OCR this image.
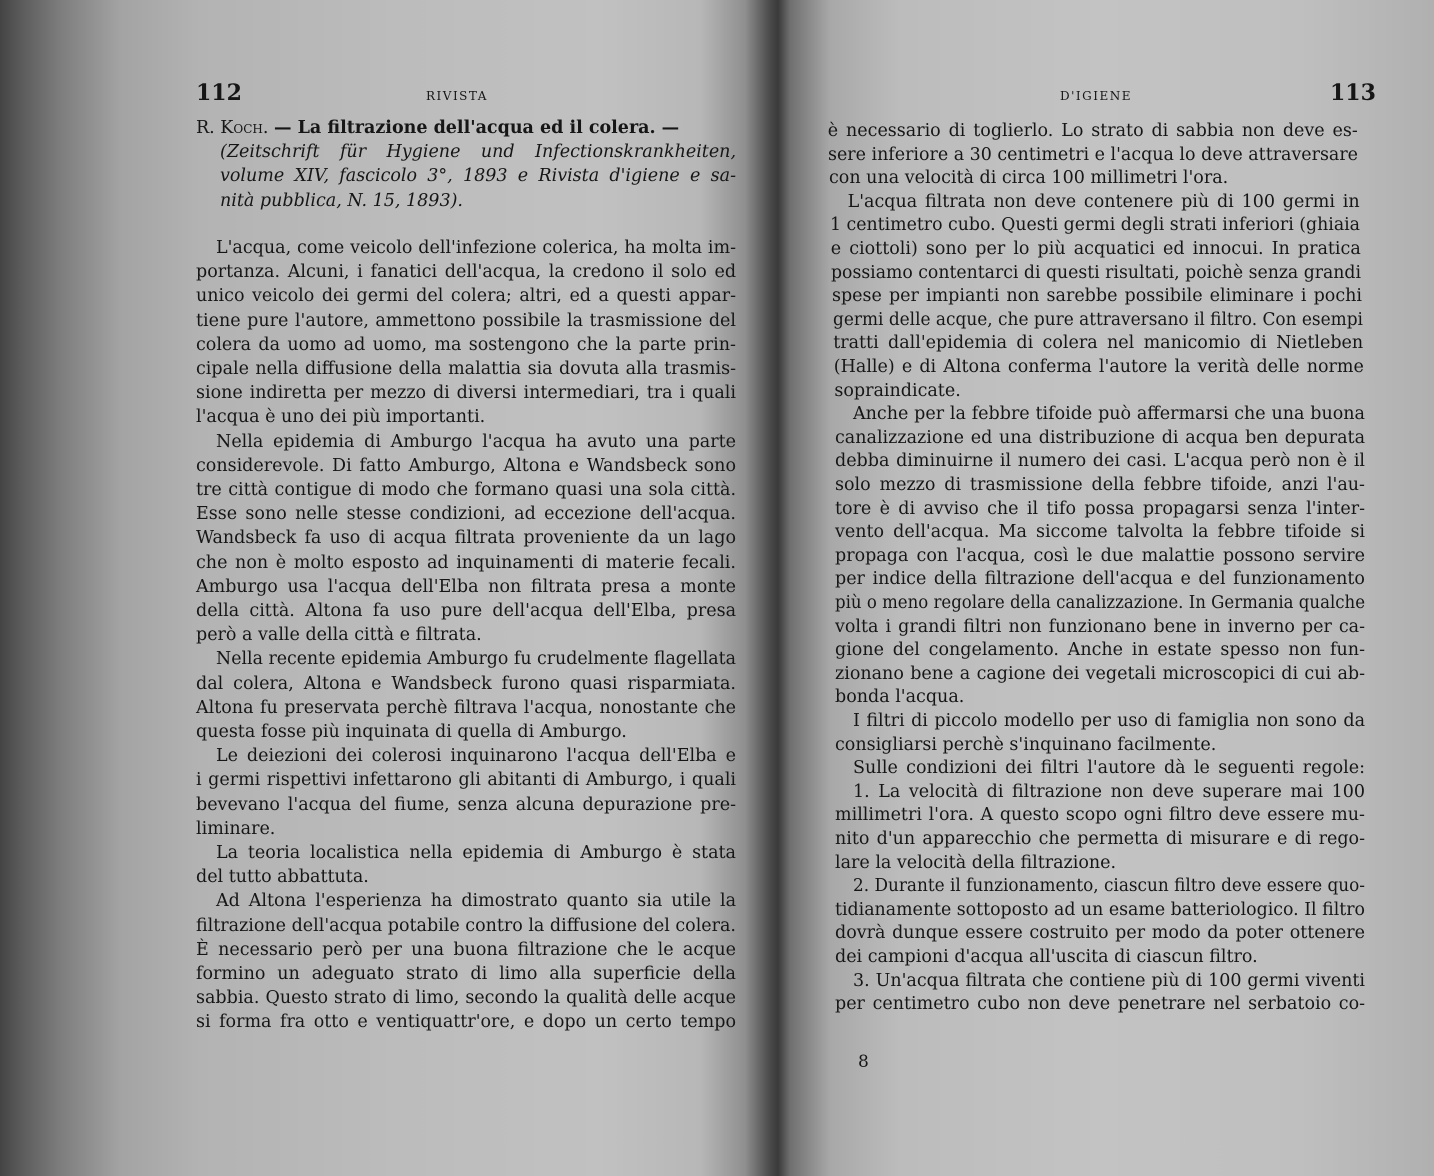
112	RIVISTA
R. Koch. — La filtrazione dell'acqua ed il colera. —
(Zeitschrift für Hygiene und Infectionskrankheiten,
volume XIV, fascicolo 3°, 1893 e Rivista d'igiene e sa-
nità pubblica, N. 15, 1893).
L'acqua, come veicolo dell'infezione colerica, ha molta im-
portanza. Alcuni, i fanatici dell'acqua, la credono il solo ed
unico veicolo dei germi del colera; altri, ed a questi appar-
tiene pure l'autore, ammettono possibile la trasmissione del
colera da uomo ad uomo, ma sostengono che la parte prin-
cipale nella diffusione della malattia sia dovuta alla trasmis-
sione indiretta per mezzo di diversi intermediari, tra i quali
l'acqua è uno dei più importanti.
Nella epidemia di Amburgo l'acqua ha avuto una parte
considerevole. Di fatto Amburgo, Altona e Wandsbeck sono
tre città contigue di modo che formano quasi una sola città.
Esse sono nelle stesse condizioni, ad eccezione dell'acqua.
Wandsbeck fa uso di acqua filtrata proveniente da un lago
che non è molto esposto ad inquinamenti di materie fecali.
Amburgo usa l'acqua dell'Elba non filtrata presa a monte
della città. Altona fa uso pure dell'acqua dell'Elba, presa
però a valle della città e filtrata.
Nella recente epidemia Amburgo fu crudelmente flagellata
dal colera, Altona e Wandsbeck furono quasi risparmiata.
Altona fu preservata perchè filtrava l'acqua, nonostante che
questa fosse più inquinata di quella di Amburgo.
Le deiezioni dei colerosi inquinarono l'acqua dell'Elba e
i germi rispettivi infettarono gli abitanti di Amburgo, i quali
bevevano l'acqua del fiume, senza alcuna depurazione pre-
liminare.
La teoria localistica nella epidemia di Amburgo è stata
del tutto abbattuta.
Ad Altona l'esperienza ha dimostrato quanto sia utile la
filtrazione dell'acqua potabile contro la diffusione del colera.
È necessario però per una buona filtrazione che le acque
formino un adeguato strato di limo alla superficie della
sabbia. Questo strato di limo, secondo la qualità delle acque
si forma fra otto e ventiquattr'ore, e dopo un certo tempo
D'IGIENE	113
è necessario di toglierlo. Lo strato di sabbia non deve es-
sere inferiore a 30 centimetri e l'acqua lo deve attraversare
con una velocità di circa 100 millimetri l'ora.
L'acqua filtrata non deve contenere più di 100 germi in
1 centimetro cubo. Questi germi degli strati inferiori (ghiaia
e ciottoli) sono per lo più acquatici ed innocui. In pratica
possiamo contentarci di questi risultati, poichè senza grandi
spese per impianti non sarebbe possibile eliminare i pochi
germi delle acque, che pure attraversano il filtro. Con esempi
tratti dall'epidemia di colera nel manicomio di Nietleben
(Halle) e di Altona conferma l'autore la verità delle norme
sopraindicate.
Anche per la febbre tifoide può affermarsi che una buona
canalizzazione ed una distribuzione di acqua ben depurata
debba diminuirne il numero dei casi. L'acqua però non è il
solo mezzo di trasmissione della febbre tifoide, anzi l'au-
tore è di avviso che il tifo possa propagarsi senza l'inter-
vento dell'acqua. Ma siccome talvolta la febbre tifoide si
propaga con l'acqua, così le due malattie possono servire
per indice della filtrazione dell'acqua e del funzionamento
più o meno regolare della canalizzazione. In Germania qualche
volta i grandi filtri non funzionano bene in inverno per ca-
gione del congelamento. Anche in estate spesso non fun-
zionano bene a cagione dei vegetali microscopici di cui ab-
bonda l'acqua.
I filtri di piccolo modello per uso di famiglia non sono da
consigliarsi perchè s'inquinano facilmente.
Sulle condizioni dei filtri l'autore dà le seguenti regole:
1. La velocità di filtrazione non deve superare mai 100
millimetri l'ora. A questo scopo ogni filtro deve essere mu-
nito d'un apparecchio che permetta di misurare e di rego-
lare la velocità della filtrazione.
2. Durante il funzionamento, ciascun filtro deve essere quo-
tidianamente sottoposto ad un esame batteriologico. Il filtro
dovrà dunque essere costruito per modo da poter ottenere
dei campioni d'acqua all'uscita di ciascun filtro.
3. Un'acqua filtrata che contiene più di 100 germi viventi
per centimetro cubo non deve penetrare nel serbatoio co-
8
